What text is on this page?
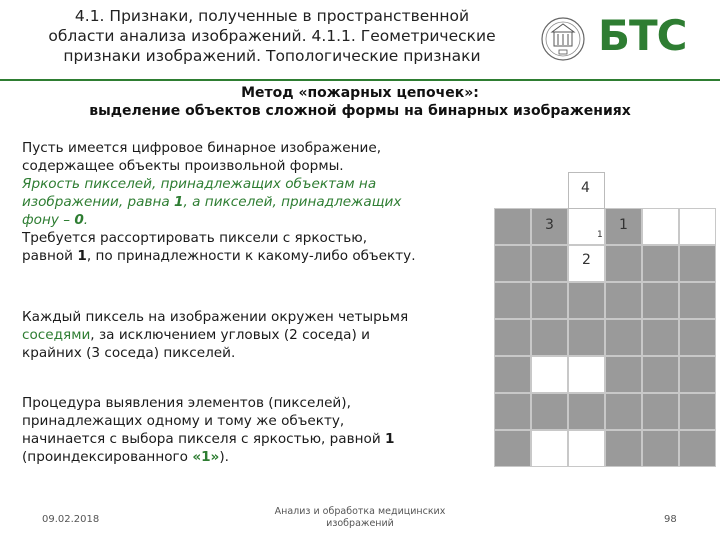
4.1. Признаки, полученные в пространственной
области анализа изображений. 4.1.1. Геометрические
признаки изображений. Топологические признаки	БТС
Метод «пожарных цепочек»:
выделение объектов сложной формы на бинарных изображениях
Пусть имеется цифровое бинарное изображение,
содержащее объекты произвольной формы.
Яркость пикселей, принадлежащих объектам на
изображении, равна 1, а пикселей, принадлежащих
фону – 0.
Требуется рассортировать пиксели с яркостью,
равной 1, по принадлежности к какому-либо объекту.
Каждый пиксель на изображении окружен четырьмя
соседями, за исключением угловых (2 соседа) и
крайних (3 соседа) пикселей.
Процедура выявления элементов (пикселей),
принадлежащих одному и тому же объекту,
начинается с выбора пикселя с яркостью, равной 1
(проиндексированного «1»).
4
3	1
2
1
09.02.2018
Анализ и обработка медицинских
изображений	98
